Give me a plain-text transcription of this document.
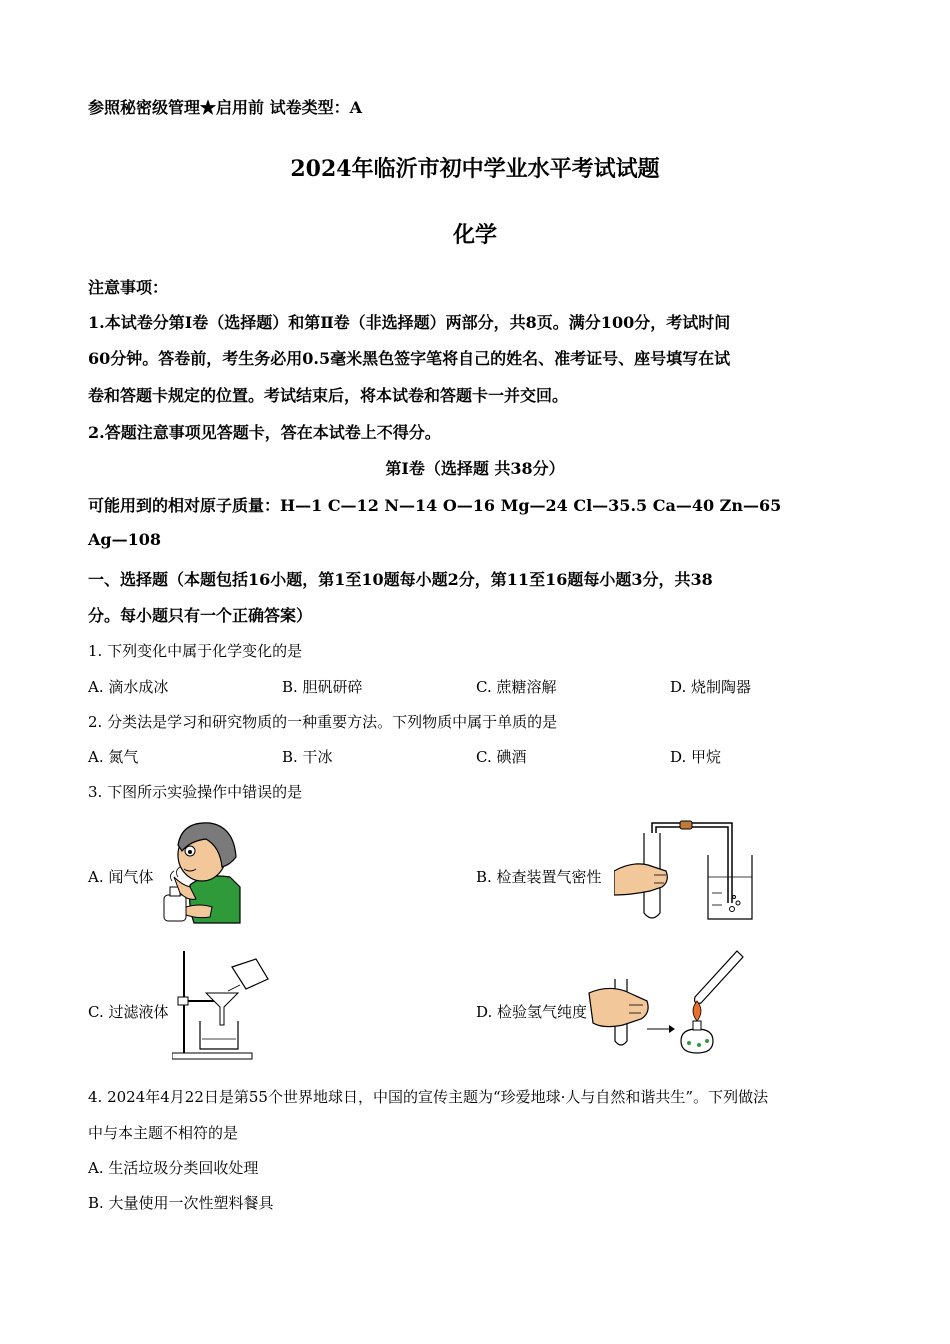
参照秘密级管理★启用前 试卷类型：A
2024年临沂市初中学业水平考试试题
化学
注意事项：
1.本试卷分第Ⅰ卷（选择题）和第Ⅱ卷（非选择题）两部分，共8页。满分100分，考试时间
60分钟。答卷前，考生务必用0.5毫米黑色签字笔将自己的姓名、准考证号、座号填写在试
卷和答题卡规定的位置。考试结束后，将本试卷和答题卡一并交回。
2.答题注意事项见答题卡，答在本试卷上不得分。
第Ⅰ卷（选择题 共38分）
可能用到的相对原子质量：H—1 C—12 N—14 O—16 Mg—24 Cl—35.5 Ca—40 Zn—65
Ag—108
一、选择题（本题包括16小题，第1至10题每小题2分，第11至16题每小题3分，共38
分。每小题只有一个正确答案）
1. 下列变化中属于化学变化的是
A. 滴水成冰	B. 胆矾研碎	C. 蔗糖溶解	D. 烧制陶器
2. 分类法是学习和研究物质的一种重要方法。下列物质中属于单质的是
A. 氮气	B. 干冰	C. 碘酒	D. 甲烷
3. 下图所示实验操作中错误的是
A. 闻气体	B. 检查装置气密性
C. 过滤液体	D. 检验氢气纯度
4. 2024年4月22日是第55个世界地球日，中国的宣传主题为“珍爱地球·人与自然和谐共生”。下列做法
中与本主题不相符的是
A. 生活垃圾分类回收处理
B. 大量使用一次性塑料餐具
